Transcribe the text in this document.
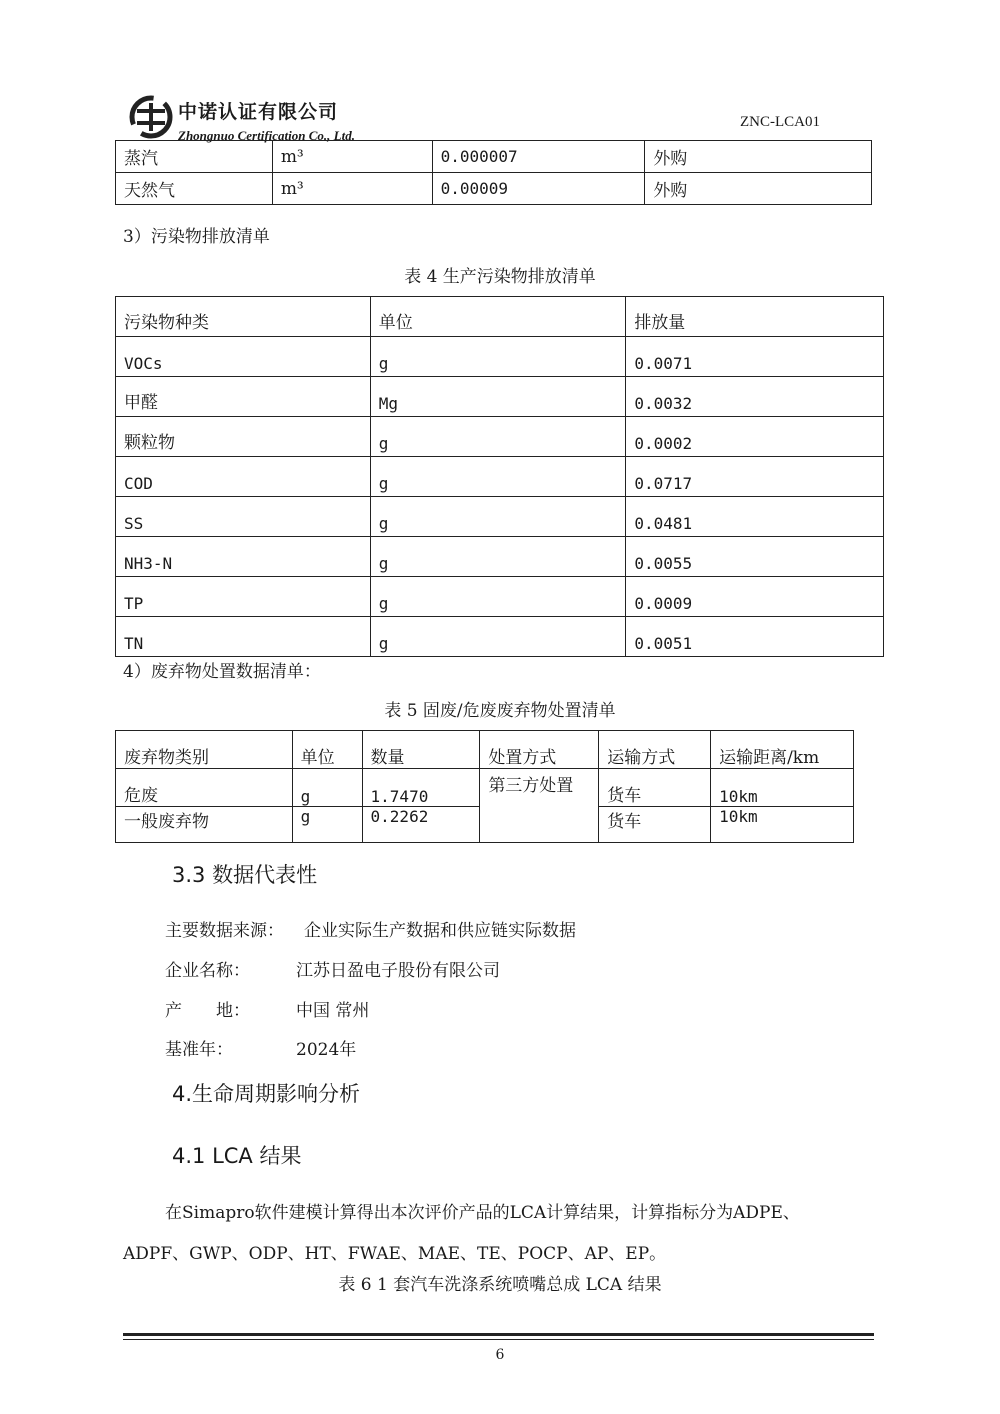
中诺认证有限公司
Zhongnuo Certification Co., Ltd.
ZNC-LCA01
蒸汽	m³	0.000007	外购
天然气	m³	0.00009	外购
3）污染物排放清单
表 4 生产污染物排放清单
污染物种类	单位	排放量
VOCs	g	0.0071
甲醛	Mg	0.0032
颗粒物	g	0.0002
COD	g	0.0717
SS	g	0.0481
NH3-N	g	0.0055
TP	g	0.0009
TN	g	0.0051
4）废弃物处置数据清单：
表 5 固废/危废废弃物处置清单
废弃物类别	单位	数量	处置方式	运输方式	运输距离/km
危废	g	1.7470	第三方处置	货车	10km
一般废弃物	g	0.2262		货车	10km
3.3 数据代表性
主要数据来源： 企业实际生产数据和供应链实际数据
企业名称：	江苏日盈电子股份有限公司
产　　地：	中国 常州
基准年：	2024年
4.生命周期影响分析
4.1 LCA 结果
在Simapro软件建模计算得出本次评价产品的LCA计算结果，计算指标分为ADPE、
ADPF、GWP、ODP、HT、FWAE、MAE、TE、POCP、AP、EP。
表 6 1 套汽车洗涤系统喷嘴总成 LCA 结果
6
